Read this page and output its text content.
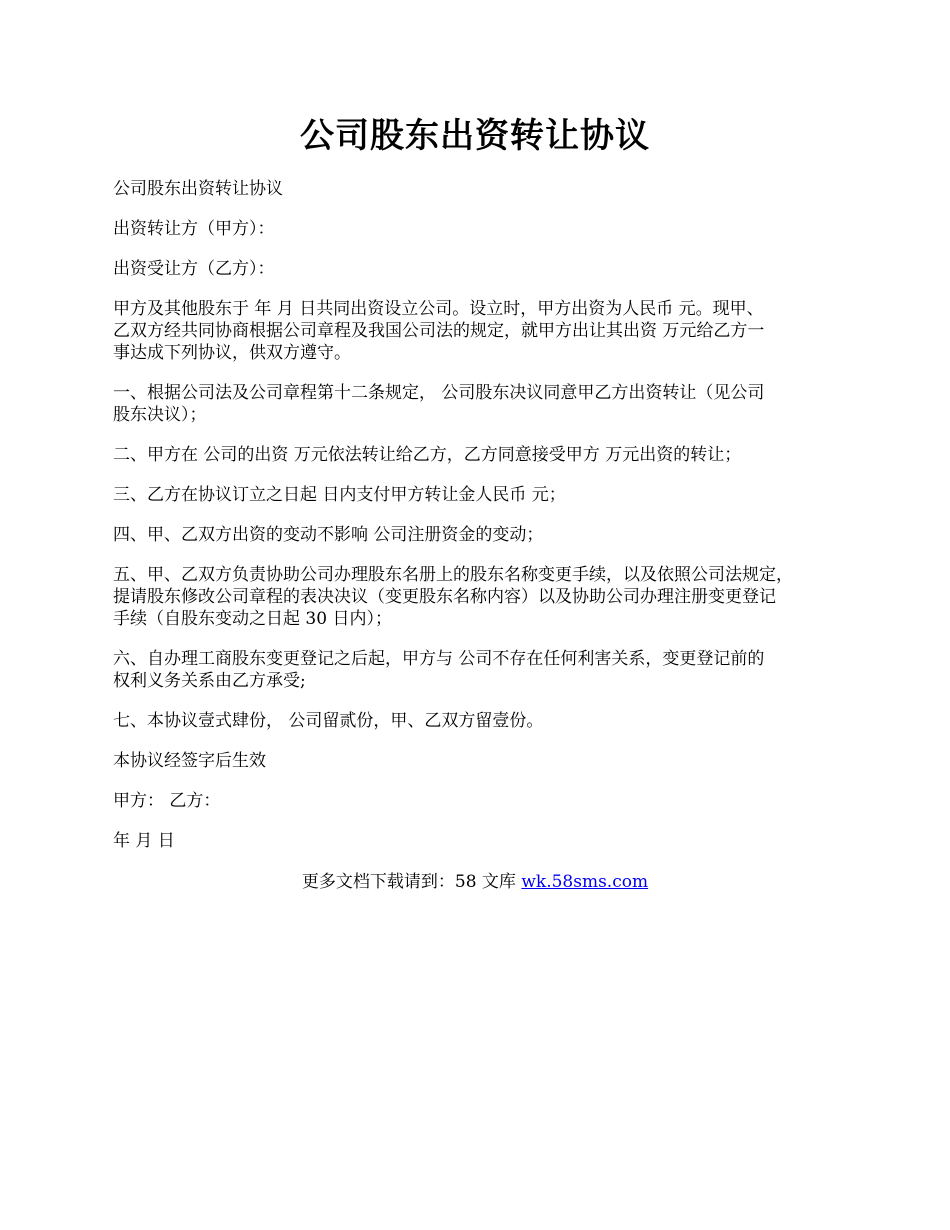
公司股东出资转让协议

公司股东出资转让协议

出资转让方（甲方）：

出资受让方（乙方）：

甲方及其他股东于 年 月 日共同出资设立公司。设立时，甲方出资为人民币 元。现甲、
乙双方经共同协商根据公司章程及我国公司法的规定，就甲方出让其出资 万元给乙方一
事达成下列协议，供双方遵守。

一、根据公司法及公司章程第十二条规定， 公司股东决议同意甲乙方出资转让（见公司
股东决议）；

二、甲方在 公司的出资 万元依法转让给乙方，乙方同意接受甲方 万元出资的转让；

三、乙方在协议订立之日起 日内支付甲方转让金人民币 元；

四、甲、乙双方出资的变动不影响 公司注册资金的变动；

五、甲、乙双方负责协助公司办理股东名册上的股东名称变更手续，以及依照公司法规定，
提请股东修改公司章程的表决决议（变更股东名称内容）以及协助公司办理注册变更登记
手续（自股东变动之日起 30 日内）；

六、自办理工商股东变更登记之后起，甲方与 公司不存在任何利害关系，变更登记前的
权利义务关系由乙方承受;

七、本协议壹式肆份， 公司留贰份，甲、乙双方留壹份。

本协议经签字后生效

甲方： 乙方：

年 月 日

更多文档下载请到：58 文库 wk.58sms.com
